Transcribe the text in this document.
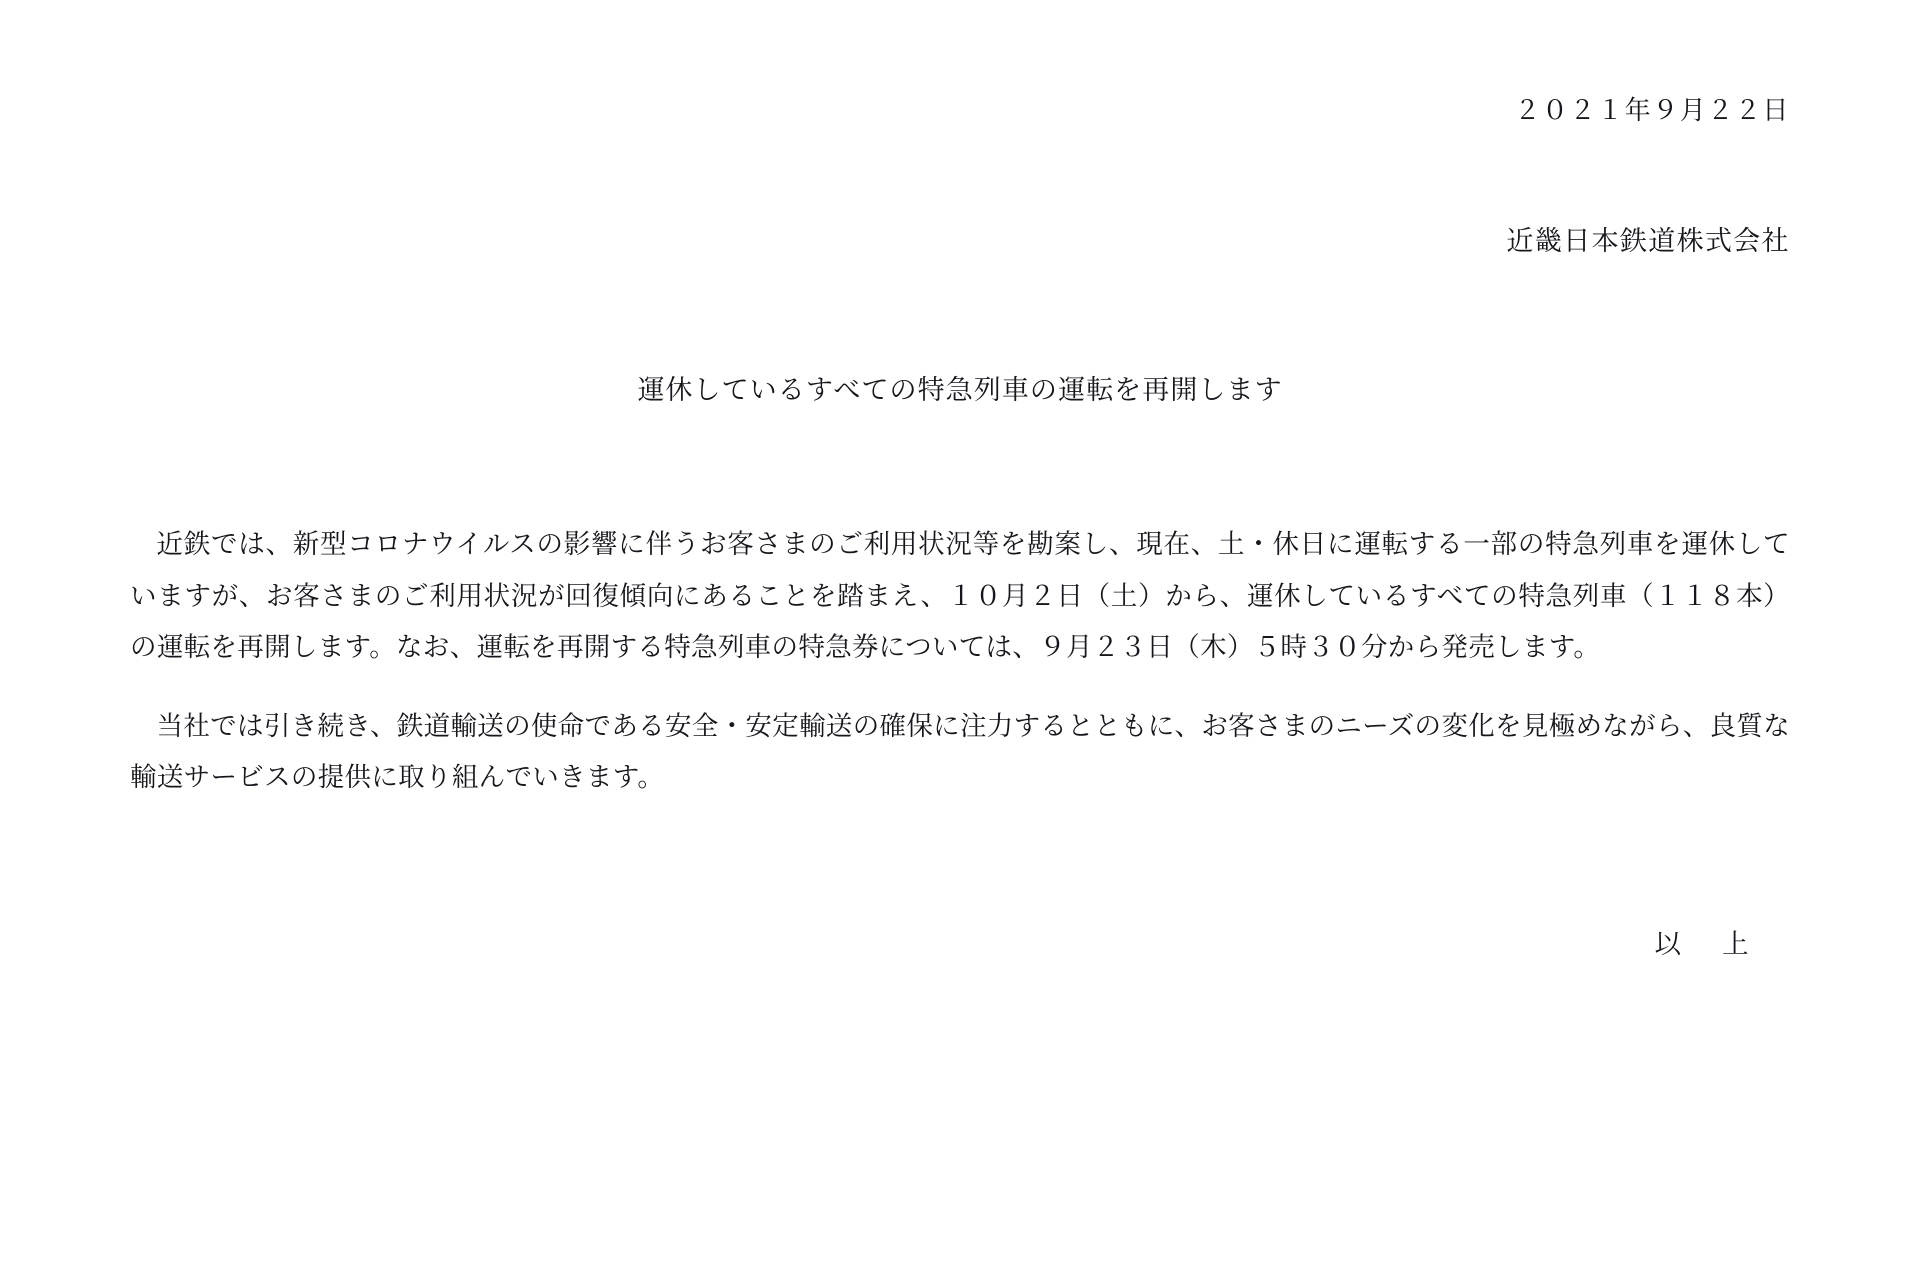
２０２１年９月２２日
近畿日本鉄道株式会社
運休しているすべての特急列車の運転を再開します

近鉄では、新型コロナウイルスの影響に伴うお客さまのご利用状況等を勘案し、現在、土・休日に運転する一部の特急列車を運休していますが、お客さまのご利用状況が回復傾向にあることを踏まえ、１０月２日（土）から、運休しているすべての特急列車（１１８本）の運転を再開します。なお、運転を再開する特急列車の特急券については、９月２３日（木）５時３０分から発売します。

当社では引き続き、鉄道輸送の使命である安全・安定輸送の確保に注力するとともに、お客さまのニーズの変化を見極めながら、良質な輸送サービスの提供に取り組んでいきます。

以 上
